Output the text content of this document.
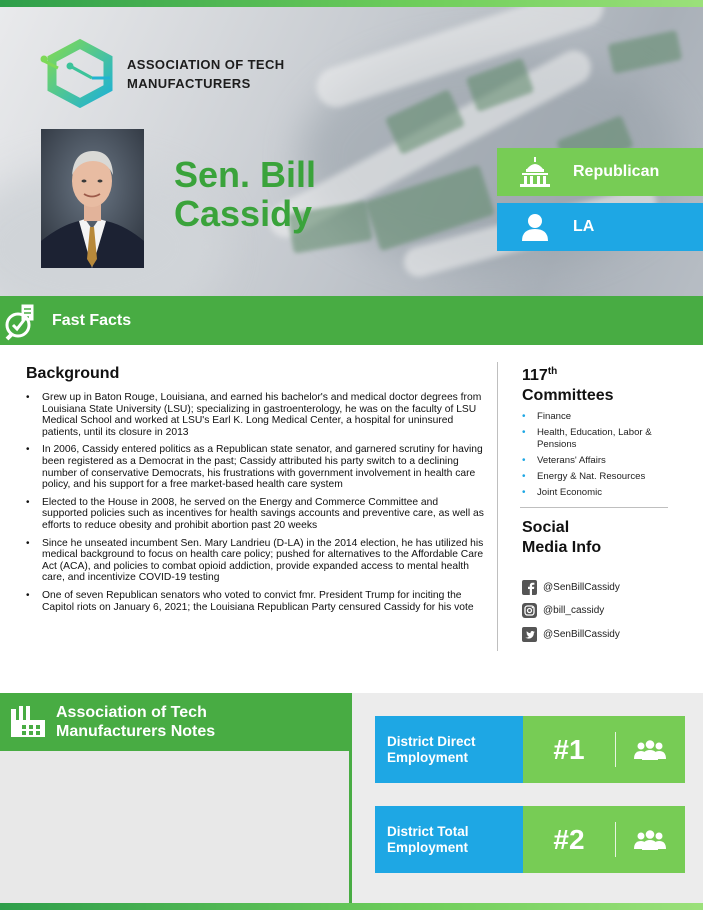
ASSOCIATION OF TECH
MANUFACTURERS
Sen. Bill
Cassidy
Republican
LA
Fast Facts
Background
• Grew up in Baton Rouge, Louisiana, and earned his bachelor's and medical doctor degrees from Louisiana State University (LSU); specializing in gastroenterology, he was on the faculty of LSU Medical School and worked at LSU's Earl K. Long Medical Center, a hospital for uninsured patients, until its closure in 2013
• In 2006, Cassidy entered politics as a Republican state senator, and garnered scrutiny for having been registered as a Democrat in the past; Cassidy attributed his party switch to a declining number of conservative Democrats, his frustrations with government involvement in health care policy, and his support for a free market-based health care system
• Elected to the House in 2008, he served on the Energy and Commerce Committee and supported policies such as incentives for health savings accounts and preventive care, as well as efforts to reduce obesity and prohibit abortion past 20 weeks
• Since he unseated incumbent Sen. Mary Landrieu (D-LA) in the 2014 election, he has utilized his medical background to focus on health care policy; pushed for alternatives to the Affordable Care Act (ACA), and policies to combat opioid addiction, provide expanded access to mental health care, and incentivize COVID-19 testing
• One of seven Republican senators who voted to convict fmr. President Trump for inciting the Capitol riots on January 6, 2021; the Louisiana Republican Party censured Cassidy for his vote
117th
Committees
• Finance
• Health, Education, Labor & Pensions
• Veterans' Affairs
• Energy & Nat. Resources
• Joint Economic
Social
Media Info
@SenBillCassidy
@bill_cassidy
@SenBillCassidy
Association of Tech
Manufacturers Notes
District Direct
Employment	#1
District Total
Employment	#2
